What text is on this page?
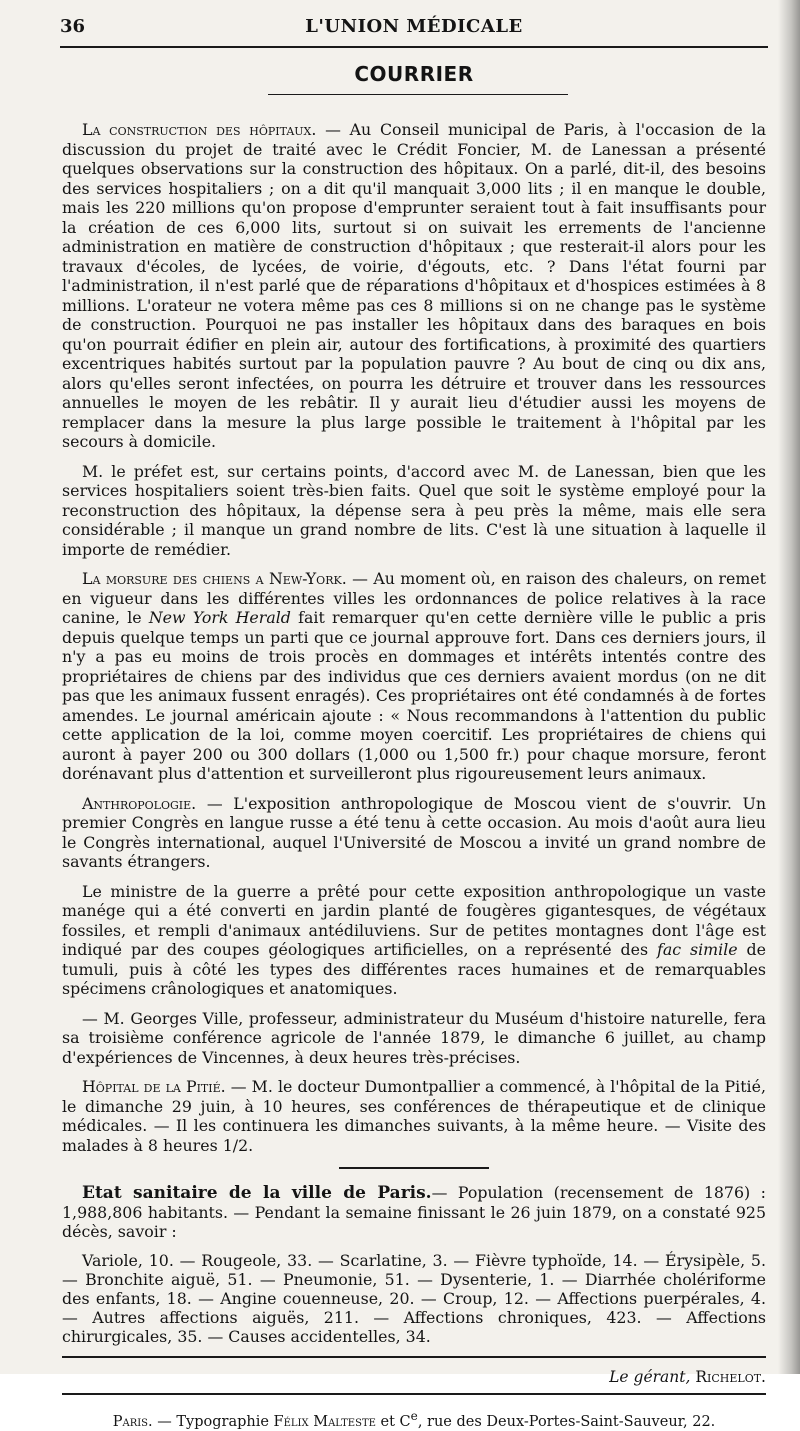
36	L'UNION MÉDICALE
COURRIER

La construction des hôpitaux. — Au Conseil municipal de Paris, à l'occasion de la discussion du projet de traité avec le Crédit Foncier, M. de Lanessan a présenté quelques observations sur la construction des hôpitaux. On a parlé, dit-il, des besoins des services hospitaliers ; on a dit qu'il manquait 3,000 lits ; il en manque le double, mais les 220 millions qu'on propose d'emprunter seraient tout à fait insuffisants pour la création de ces 6,000 lits, surtout si on suivait les errements de l'ancienne administration en matière de construction d'hôpitaux ; que resterait-il alors pour les travaux d'écoles, de lycées, de voirie, d'égouts, etc. ? Dans l'état fourni par l'administration, il n'est parlé que de réparations d'hôpitaux et d'hospices estimées à 8 millions. L'orateur ne votera même pas ces 8 millions si on ne change pas le système de construction. Pourquoi ne pas installer les hôpitaux dans des baraques en bois qu'on pourrait édifier en plein air, autour des fortifications, à proximité des quartiers excentriques habités surtout par la population pauvre ? Au bout de cinq ou dix ans, alors qu'elles seront infectées, on pourra les détruire et trouver dans les ressources annuelles le moyen de les rebâtir. Il y aurait lieu d'étudier aussi les moyens de remplacer dans la mesure la plus large possible le traitement à l'hôpital par les secours à domicile.

M. le préfet est, sur certains points, d'accord avec M. de Lanessan, bien que les services hospitaliers soient très-bien faits. Quel que soit le système employé pour la reconstruction des hôpitaux, la dépense sera à peu près la même, mais elle sera considérable ; il manque un grand nombre de lits. C'est là une situation à laquelle il importe de remédier.

La morsure des chiens a New-York. — Au moment où, en raison des chaleurs, on remet en vigueur dans les différentes villes les ordonnances de police relatives à la race canine, le New York Herald fait remarquer qu'en cette dernière ville le public a pris depuis quelque temps un parti que ce journal approuve fort. Dans ces derniers jours, il n'y a pas eu moins de trois procès en dommages et intérêts intentés contre des propriétaires de chiens par des individus que ces derniers avaient mordus (on ne dit pas que les animaux fussent enragés). Ces propriétaires ont été condamnés à de fortes amendes. Le journal américain ajoute : « Nous recommandons à l'attention du public cette application de la loi, comme moyen coercitif. Les propriétaires de chiens qui auront à payer 200 ou 300 dollars (1,000 ou 1,500 fr.) pour chaque morsure, feront dorénavant plus d'attention et surveilleront plus rigoureusement leurs animaux.

Anthropologie. — L'exposition anthropologique de Moscou vient de s'ouvrir. Un premier Congrès en langue russe a été tenu à cette occasion. Au mois d'août aura lieu le Congrès international, auquel l'Université de Moscou a invité un grand nombre de savants étrangers.

Le ministre de la guerre a prêté pour cette exposition anthropologique un vaste manége qui a été converti en jardin planté de fougères gigantesques, de végétaux fossiles, et rempli d'animaux antédiluviens. Sur de petites montagnes dont l'âge est indiqué par des coupes géologiques artificielles, on a représenté des fac simile de tumuli, puis à côté les types des différentes races humaines et de remarquables spécimens crânologiques et anatomiques.

— M. Georges Ville, professeur, administrateur du Muséum d'histoire naturelle, fera sa troisième conférence agricole de l'année 1879, le dimanche 6 juillet, au champ d'expériences de Vincennes, à deux heures très-précises.

Hôpital de la Pitié. — M. le docteur Dumontpallier a commencé, à l'hôpital de la Pitié, le dimanche 29 juin, à 10 heures, ses conférences de thérapeutique et de clinique médicales. — Il les continuera les dimanches suivants, à la même heure. — Visite des malades à 8 heures 1/2.

Etat sanitaire de la ville de Paris.— Population (recensement de 1876) : 1,988,806 habitants. — Pendant la semaine finissant le 26 juin 1879, on a constaté 925 décès, savoir :

Variole, 10. — Rougeole, 33. — Scarlatine, 3. — Fièvre typhoïde, 14. — Érysipèle, 5. — Bronchite aiguë, 51. — Pneumonie, 51. — Dysenterie, 1. — Diarrhée cholériforme des enfants, 18. — Angine couenneuse, 20. — Croup, 12. — Affections puerpérales, 4. — Autres affections aiguës, 211. — Affections chroniques, 423. — Affections chirurgicales, 35. — Causes accidentelles, 34.

Le gérant, Richelot.
Paris. — Typographie Félix Malteste et Ce, rue des Deux-Portes-Saint-Sauveur, 22.
